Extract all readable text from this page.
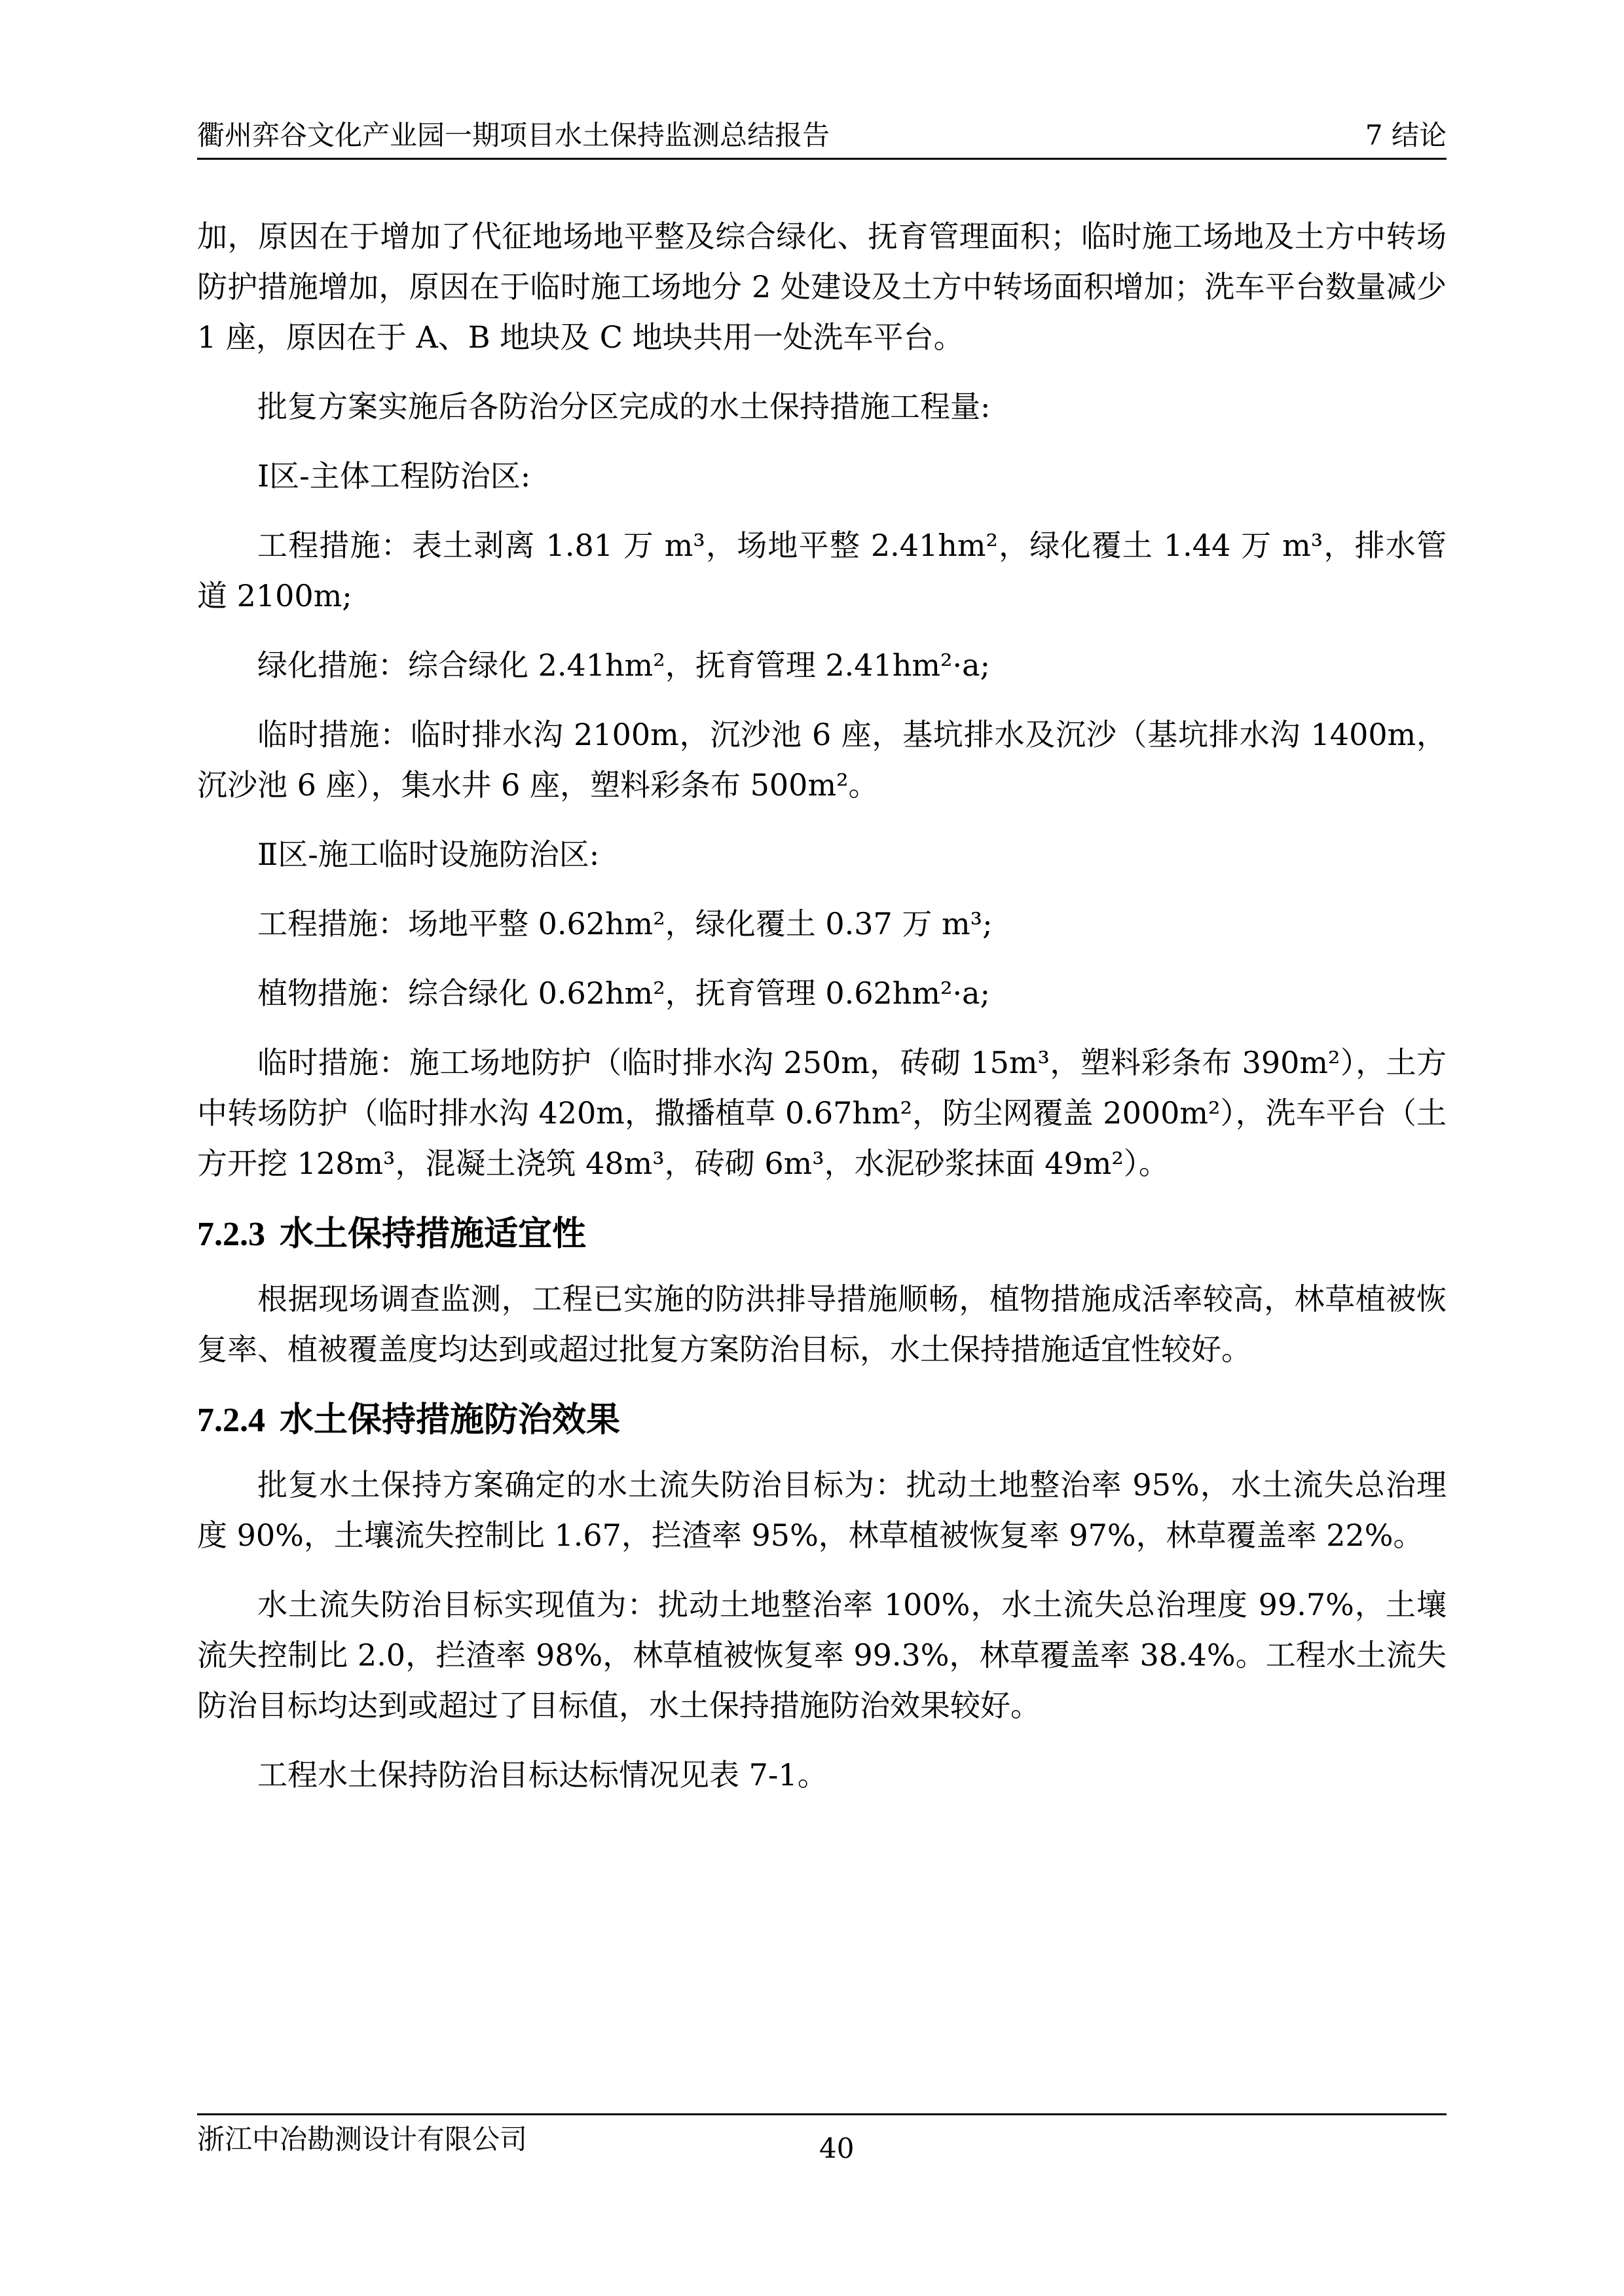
衢州弈谷文化产业园一期项目水土保持监测总结报告	7 结论

加，原因在于增加了代征地场地平整及综合绿化、抚育管理面积；临时施工场地及土方中转场防护措施增加，原因在于临时施工场地分 2 处建设及土方中转场面积增加；洗车平台数量减少 1 座，原因在于 A、B 地块及 C 地块共用一处洗车平台。

批复方案实施后各防治分区完成的水土保持措施工程量:

Ⅰ区-主体工程防治区:

工程措施：表土剥离 1.81 万 m³，场地平整 2.41hm²，绿化覆土 1.44 万 m³，排水管道 2100m;

绿化措施：综合绿化 2.41hm²，抚育管理 2.41hm²·a;

临时措施：临时排水沟 2100m，沉沙池 6 座，基坑排水及沉沙（基坑排水沟 1400m，沉沙池 6 座），集水井 6 座，塑料彩条布 500m²。

Ⅱ区-施工临时设施防治区:

工程措施：场地平整 0.62hm²，绿化覆土 0.37 万 m³;

植物措施：综合绿化 0.62hm²，抚育管理 0.62hm²·a;

临时措施：施工场地防护（临时排水沟 250m，砖砌 15m³，塑料彩条布 390m²），土方中转场防护（临时排水沟 420m，撒播植草 0.67hm²，防尘网覆盖 2000m²），洗车平台（土方开挖 128m³，混凝土浇筑 48m³，砖砌 6m³，水泥砂浆抹面 49m²）。

7.2.3 水土保持措施适宜性

根据现场调查监测，工程已实施的防洪排导措施顺畅，植物措施成活率较高，林草植被恢复率、植被覆盖度均达到或超过批复方案防治目标，水土保持措施适宜性较好。

7.2.4 水土保持措施防治效果

批复水土保持方案确定的水土流失防治目标为：扰动土地整治率 95%，水土流失总治理度 90%，土壤流失控制比 1.67，拦渣率 95%，林草植被恢复率 97%，林草覆盖率 22%。

水土流失防治目标实现值为：扰动土地整治率 100%，水土流失总治理度 99.7%，土壤流失控制比 2.0，拦渣率 98%，林草植被恢复率 99.3%，林草覆盖率 38.4%。工程水土流失防治目标均达到或超过了目标值，水土保持措施防治效果较好。

工程水土保持防治目标达标情况见表 7-1。

浙江中冶勘测设计有限公司	40
